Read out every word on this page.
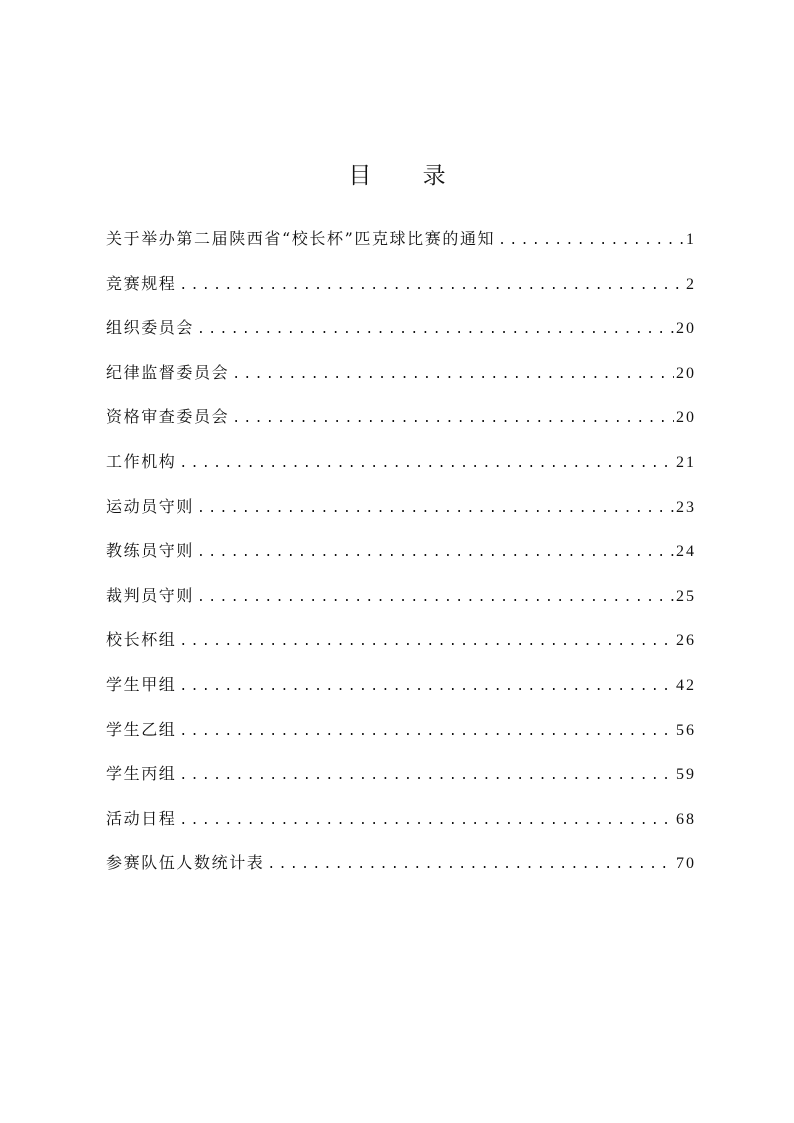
目 录
关于举办第二届陕西省“校长杯”匹克球比赛的通知 .....	1
竞赛规程 .....	2
组织委员会 .....	20
纪律监督委员会 .....	20
资格审查委员会 .....	20
工作机构 .....	21
运动员守则 .....	23
教练员守则 .....	24
裁判员守则 .....	25
校长杯组 .....	26
学生甲组 .....	42
学生乙组 .....	56
学生丙组 .....	59
活动日程 .....	68
参赛队伍人数统计表 .....	70
